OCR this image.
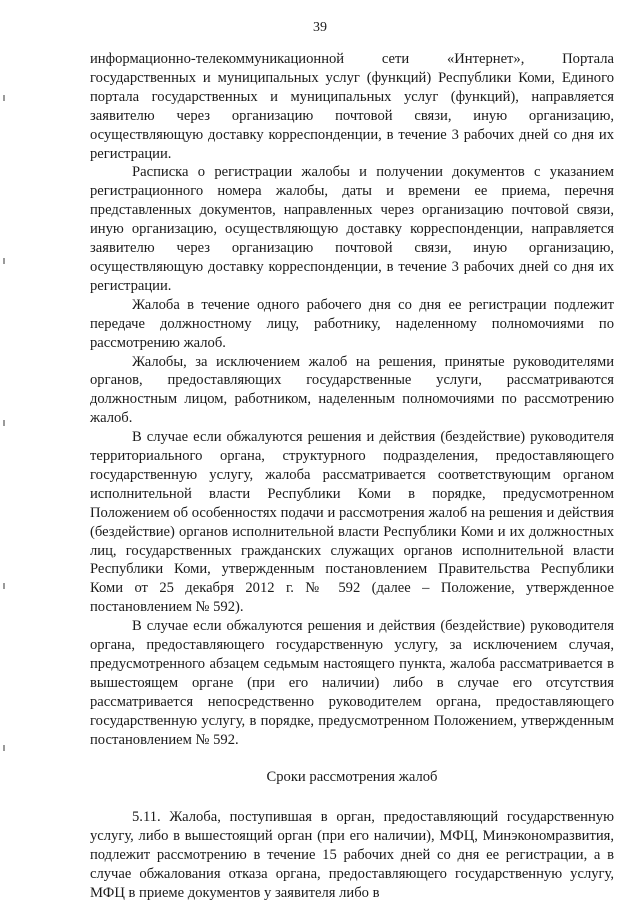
39

информационно-телекоммуникационной сети «Интернет», Портала государственных и муниципальных услуг (функций) Республики Коми, Единого портала государственных и муниципальных услуг (функций), направляется заявителю через организацию почтовой связи, иную организацию, осуществляющую доставку корреспонденции, в течение 3 рабочих дней со дня их регистрации.

Расписка о регистрации жалобы и получении документов с указанием регистрационного номера жалобы, даты и времени ее приема, перечня представленных документов, направленных через организацию почтовой связи, иную организацию, осуществляющую доставку корреспонденции, направляется заявителю через организацию почтовой связи, иную организацию, осуществляющую доставку корреспонденции, в течение 3 рабочих дней со дня их регистрации.

Жалоба в течение одного рабочего дня со дня ее регистрации подлежит передаче должностному лицу, работнику, наделенному полномочиями по рассмотрению жалоб.

Жалобы, за исключением жалоб на решения, принятые руководителями органов, предоставляющих государственные услуги, рассматриваются должностным лицом, работником, наделенным полномочиями по рассмотрению жалоб.

В случае если обжалуются решения и действия (бездействие) руководителя территориального органа, структурного подразделения, предоставляющего государственную услугу, жалоба рассматривается соответствующим органом исполнительной власти Республики Коми в порядке, предусмотренном Положением об особенностях подачи и рассмотрения жалоб на решения и действия (бездействие) органов исполнительной власти Республики Коми и их должностных лиц, государственных гражданских служащих органов исполнительной власти Республики Коми, утвержденным постановлением Правительства Республики Коми от 25 декабря 2012 г. № 592 (далее – Положение, утвержденное постановлением № 592).

В случае если обжалуются решения и действия (бездействие) руководителя органа, предоставляющего государственную услугу, за исключением случая, предусмотренного абзацем седьмым настоящего пункта, жалоба рассматривается в вышестоящем органе (при его наличии) либо в случае его отсутствия рассматривается непосредственно руководителем органа, предоставляющего государственную услугу, в порядке, предусмотренном Положением, утвержденным постановлением № 592.

Сроки рассмотрения жалоб

5.11. Жалоба, поступившая в орган, предоставляющий государственную услугу, либо в вышестоящий орган (при его наличии), МФЦ, Минэкономразвития, подлежит рассмотрению в течение 15 рабочих дней со дня ее регистрации, а в случае обжалования отказа органа, предоставляющего государственную услугу, МФЦ в приеме документов у заявителя либо в
